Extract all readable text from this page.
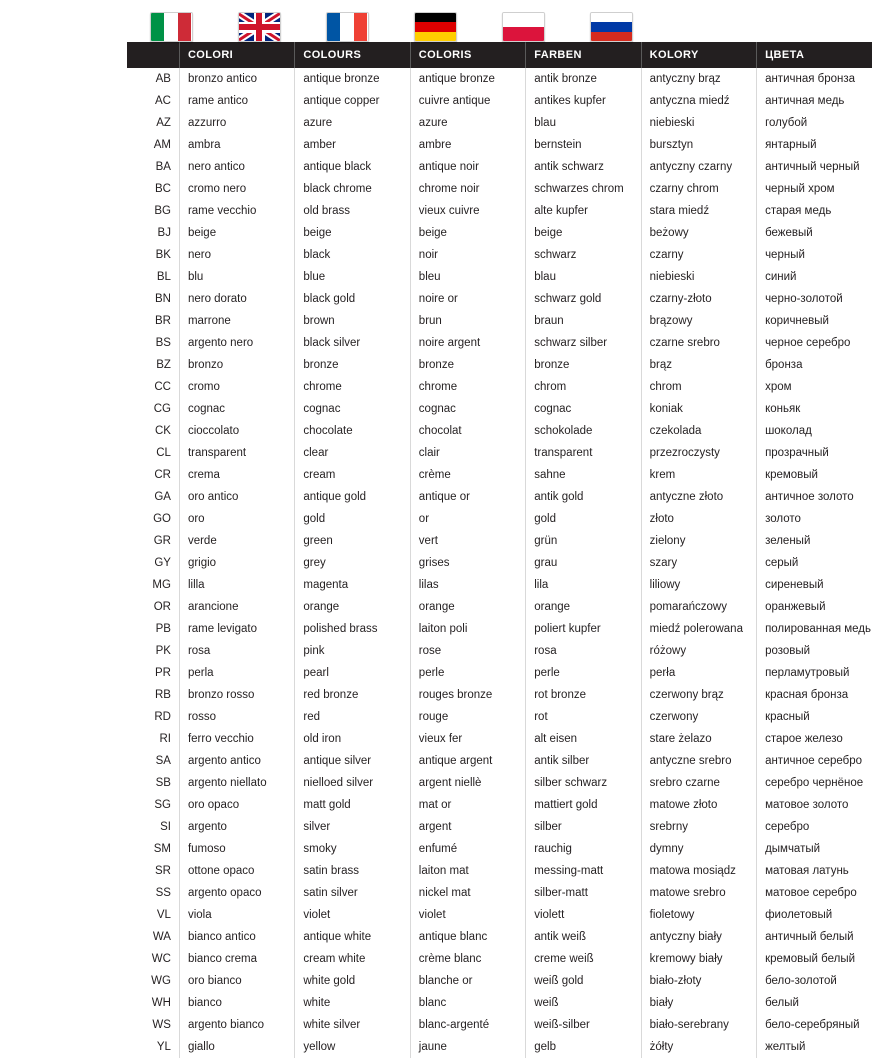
	COLORI	COLOURS	COLORIS	FARBEN	KOLORY	ЦВЕТА
AB	bronzo antico	antique bronze	antique bronze	antik bronze	antyczny brąz	античная бронза
AC	rame antico	antique copper	cuivre antique	antikes kupfer	antyczna miedź	античная медь
AZ	azzurro	azure	azure	blau	niebieski	голубой
AM	ambra	amber	ambre	bernstein	bursztyn	янтарный
BA	nero antico	antique black	antique noir	antik schwarz	antyczny czarny	античный черный
BC	cromo nero	black chrome	chrome noir	schwarzes chrom	czarny chrom	черный хром
BG	rame vecchio	old brass	vieux cuivre	alte kupfer	stara miedź	старая медь
BJ	beige	beige	beige	beige	beżowy	бежевый
BK	nero	black	noir	schwarz	czarny	черный
BL	blu	blue	bleu	blau	niebieski	синий
BN	nero dorato	black gold	noire or	schwarz gold	czarny-złoto	черно-золотой
BR	marrone	brown	brun	braun	brązowy	коричневый
BS	argento nero	black silver	noire argent	schwarz silber	czarne srebro	черное серебро
BZ	bronzo	bronze	bronze	bronze	brąz	бронза
CC	cromo	chrome	chrome	chrom	chrom	хром
CG	cognac	cognac	cognac	cognac	koniak	коньяк
CK	cioccolato	chocolate	chocolat	schokolade	czekolada	шоколад
CL	transparent	clear	clair	transparent	przezroczysty	прозрачный
CR	crema	cream	crème	sahne	krem	кремовый
GA	oro antico	antique gold	antique or	antik gold	antyczne złoto	античное золото
GO	oro	gold	or	gold	złoto	золото
GR	verde	green	vert	grün	zielony	зеленый
GY	grigio	grey	grises	grau	szary	серый
MG	lilla	magenta	lilas	lila	liliowy	сиреневый
OR	arancione	orange	orange	orange	pomarańczowy	оранжевый
PB	rame levigato	polished brass	laiton poli	poliert kupfer	miedź polerowana	полированная медь
PK	rosa	pink	rose	rosa	różowy	розовый
PR	perla	pearl	perle	perle	perła	перламутровый
RB	bronzo rosso	red bronze	rouges bronze	rot bronze	czerwony brąz	красная бронза
RD	rosso	red	rouge	rot	czerwony	красный
RI	ferro vecchio	old iron	vieux fer	alt eisen	stare żelazo	старое железо
SA	argento antico	antique silver	antique argent	antik silber	antyczne srebro	античное серебро
SB	argento niellato	nielloed silver	argent niellè	silber schwarz	srebro czarne	серебро чернёное
SG	oro opaco	matt gold	mat or	mattiert gold	matowe złoto	матовое золото
SI	argento	silver	argent	silber	srebrny	серебро
SM	fumoso	smoky	enfumé	rauchig	dymny	дымчатый
SR	ottone opaco	satin brass	laiton mat	messing-matt	matowa mosiądz	матовая латунь
SS	argento opaco	satin silver	nickel mat	silber-matt	matowe srebro	матовое серебро
VL	viola	violet	violet	violett	fioletowy	фиолетовый
WA	bianco antico	antique white	antique blanc	antik weiß	antyczny biały	античный белый
WC	bianco crema	cream white	crème blanc	creme weiß	kremowy biały	кремовый белый
WG	oro bianco	white gold	blanche or	weiß gold	biało-złoty	бело-золотой
WH	bianco	white	blanc	weiß	biały	белый
WS	argento bianco	white silver	blanc-argenté	weiß-silber	biało-serebrany	бело-серебряный
YL	giallo	yellow	jaune	gelb	żółty	желтый
